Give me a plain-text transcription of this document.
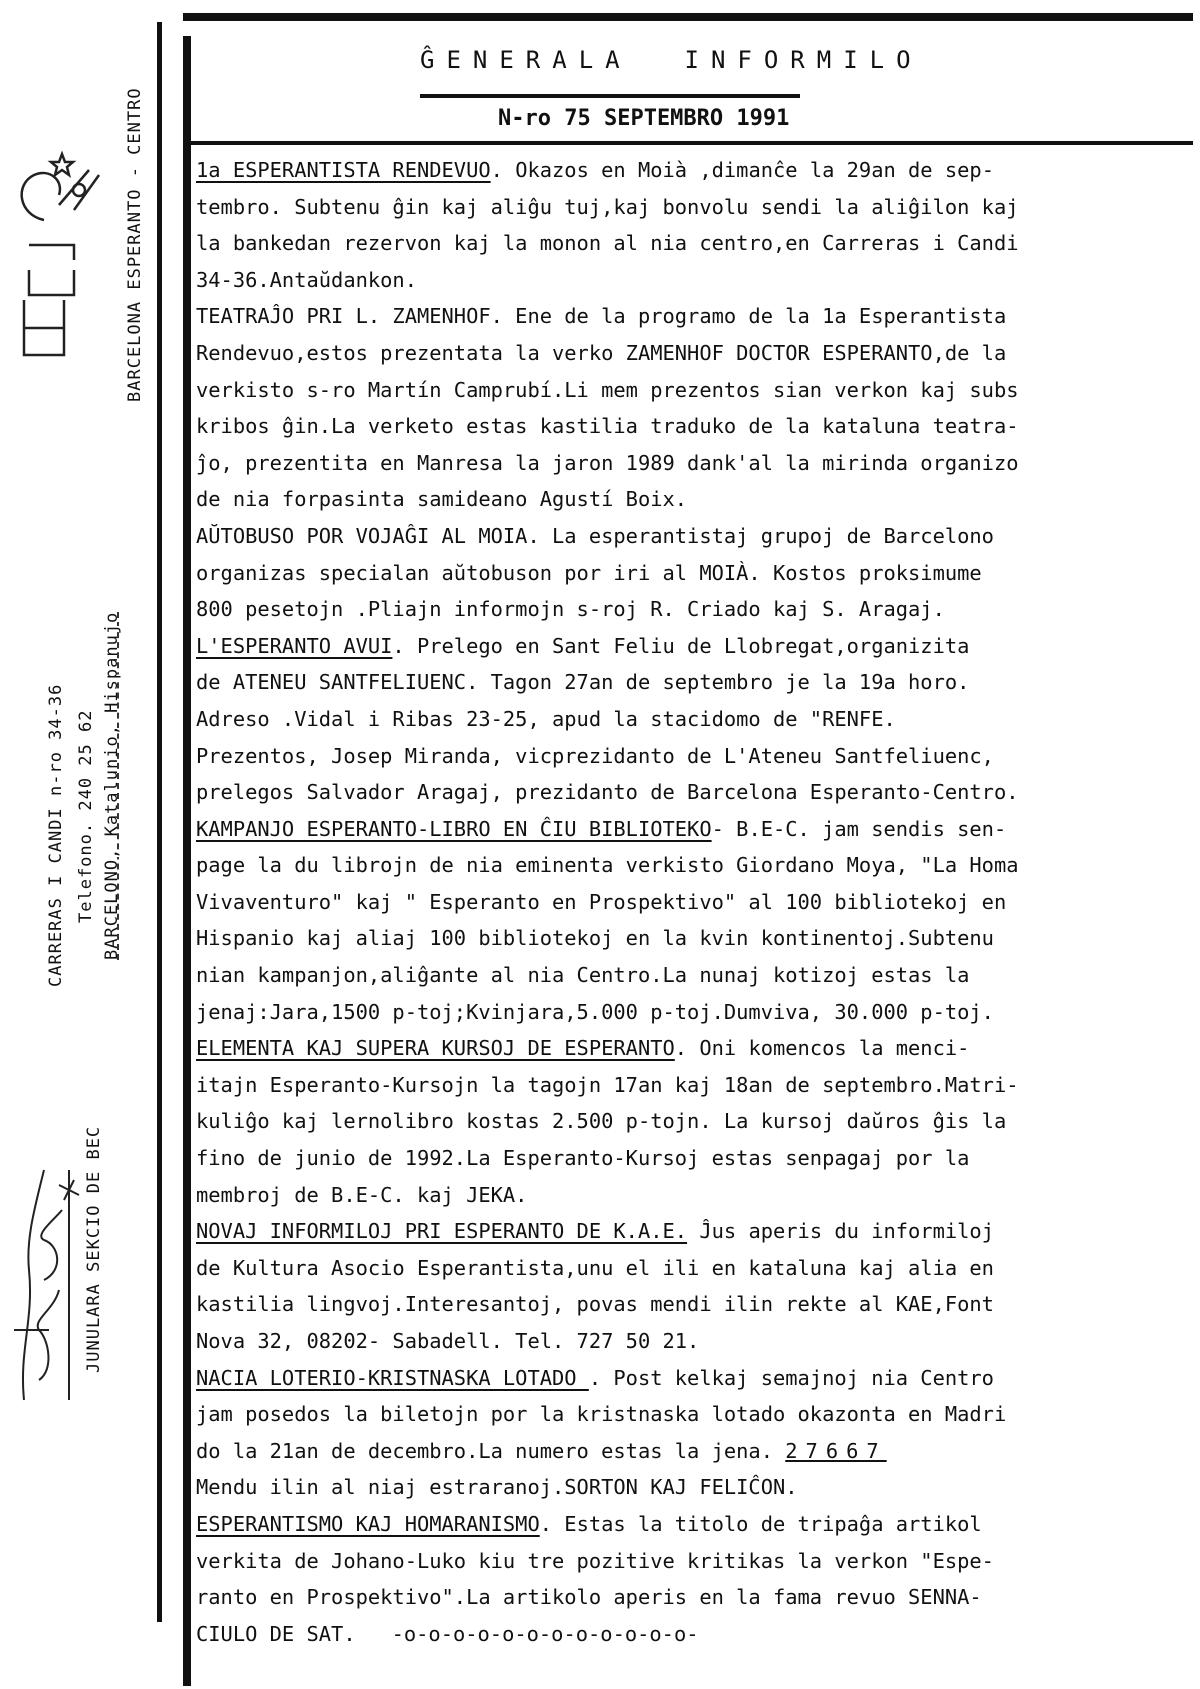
ĜENERALA  INFORMILO
N-ro 75 SEPTEMBRO 1991
BARCELONA ESPERANTO - CENTRO
CARRERAS I CANDI n-ro 34-36 Telefono. 240 25 62 BARCELONO, Katalunio, Hispanujo
JUNULARA SEKCIO DE BEC
1a ESPERANTISTA RENDEVUO. Okazos en Moià ,dimanĉe la 29an de sep-
tembro. Subtenu ĝin kaj aliĝu tuj,kaj bonvolu sendi la aliĝilon kaj
la bankedan rezervon kaj la monon al nia centro,en Carreras i Candi
34-36.Antaŭdankon.
TEATRAĴO PRI L. ZAMENHOF. Ene de la programo de la 1a Esperantista
Rendevuo,estos prezentata la verko ZAMENHOF DOCTOR ESPERANTO,de la
verkisto s-ro Martín Camprubí.Li mem prezentos sian verkon kaj subs
kribos ĝin.La verketo estas kastilia traduko de la kataluna teatra-
ĵo, prezentita en Manresa la jaron 1989 dank'al la mirinda organizo
de nia forpasinta samideano Agustí Boix.
AŬTOBUSO POR VOJAĜI AL MOIA. La esperantistaj grupoj de Barcelono
organizas specialan aŭtobuson por iri al MOIÀ. Kostos proksimume
800 pesetojn .Pliajn informojn s-roj R. Criado kaj S. Aragaj.
L'ESPERANTO AVUI. Prelego en Sant Feliu de Llobregat,organizita
de ATENEU SANTFELIUENC. Tagon 27an de septembro je la 19a horo.
Adreso .Vidal i Ribas 23-25, apud la stacidomo de "RENFE.
Prezentos, Josep Miranda, vicprezidanto de L'Ateneu Santfeliuenc,
prelegos Salvador Aragaj, prezidanto de Barcelona Esperanto-Centro.
KAMPANJO ESPERANTO-LIBRO EN ĈIU BIBLIOTEKO- B.E-C. jam sendis sen-
page la du librojn de nia eminenta verkisto Giordano Moya, "La Homa
Vivaventuro" kaj " Esperanto en Prospektivo" al 100 bibliotekoj en
Hispanio kaj aliaj 100 bibliotekoj en la kvin kontinentoj.Subtenu
nian kampanjon,aliĝante al nia Centro.La nunaj kotizoj estas la
jenaj:Jara,1500 p-toj;Kvinjara,5.000 p-toj.Dumviva, 30.000 p-toj.
ELEMENTA KAJ SUPERA KURSOJ DE ESPERANTO. Oni komencos la menci-
itajn Esperanto-Kursojn la tagojn 17an kaj 18an de septembro.Matri-
kuliĝo kaj lernolibro kostas 2.500 p-tojn. La kursoj daŭros ĝis la
fino de junio de 1992.La Esperanto-Kursoj estas senpagaj por la
membroj de B.E-C. kaj JEKA.
NOVAJ INFORMILOJ PRI ESPERANTO DE K.A.E. Ĵus aperis du informiloj
de Kultura Asocio Esperantista,unu el ili en kataluna kaj alia en
kastilia lingvoj.Interesantoj, povas mendi ilin rekte al KAE,Font
Nova 32, 08202- Sabadell. Tel. 727 50 21.
NACIA LOTERIO-KRISTNASKA LOTADO . Post kelkaj semajnoj nia Centro
jam posedos la biletojn por la kristnaska lotado okazonta en Madri
do la 21an de decembro.La numero estas la jena. 27667
Mendu ilin al niaj estraranoj.SORTON KAJ FELIĈON.
ESPERANTISMO KAJ HOMARANISMO. Estas la titolo de tripaĝa artikol
verkita de Johano-Luko kiu tre pozitive kritikas la verkon "Espe-
ranto en Prospektivo".La artikolo aperis en la fama revuo SENNA-
CIULO DE SAT. -o-o-o-o-o-o-o-o-o-o-o-o-
